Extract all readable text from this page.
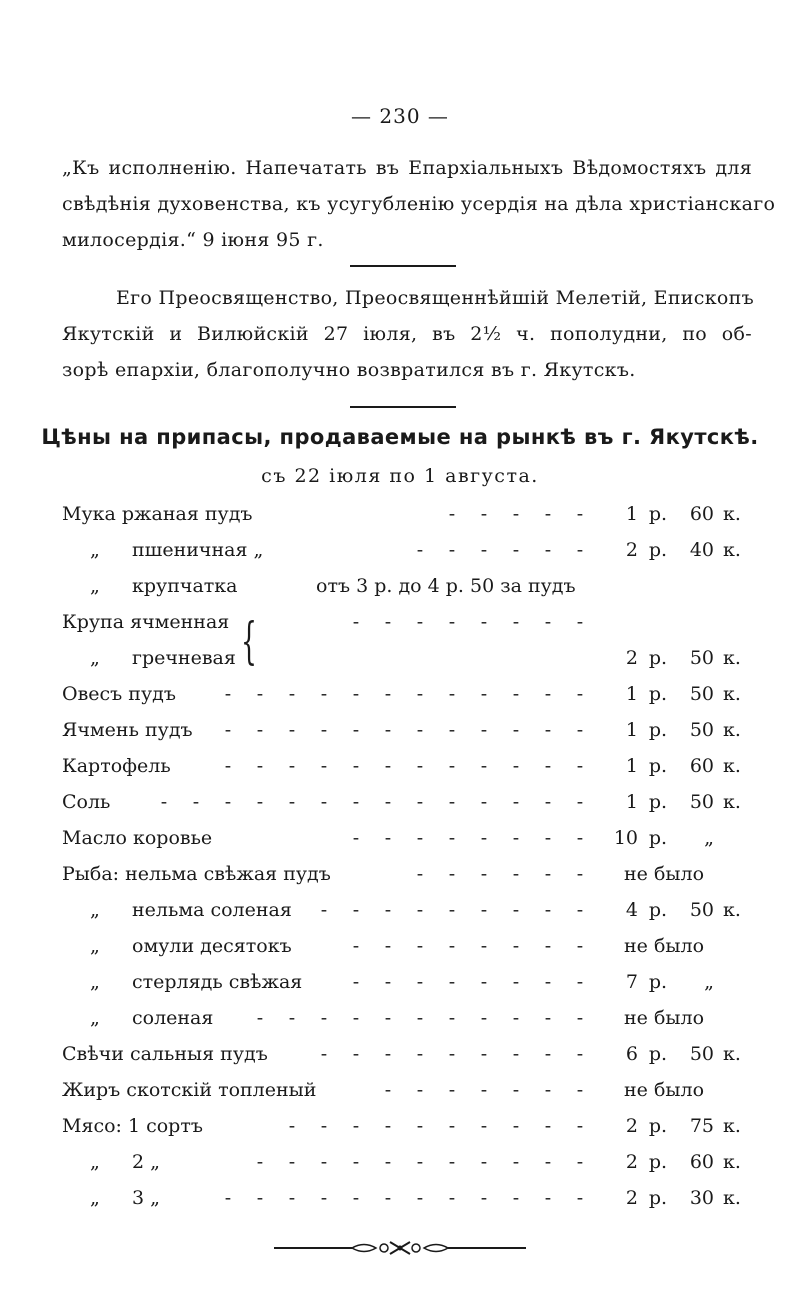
— 230 —
„Къ исполненію. Напечатать въ Епархіальныхъ Вѣдомостяхъ для
свѣдѣнія духовенства, къ усугубленію усердія на дѣла христіанскаго
милосердія.“ 9 іюня 95 г.
Его Преосвященство, Преосвященнѣйшій Мелетій, Епископъ
Якутскій и Вилюйскій 27 іюля, въ 2½ ч. пополудни, по об-
зорѣ епархіи, благополучно возвратился въ г. Якутскъ.
Цѣны на припасы, продаваемые на рынкѣ въ г. Якутскѣ.
съ 22 іюля по 1 августа.
Мука ржаная пудъ	- - - - -	1 р. 60 к.
„ пшеничная „	- - - - - -	2 р. 40 к.
„ крупчатка	отъ 3 р. до 4 р. 50 за пудъ
Крупа ячменная	- - - - - - - -
„ гречневая	2 р. 50 к.
Овесъ пудъ	- - - - - - - - - - - -	1 р. 50 к.
Ячмень пудъ	- - - - - - - - - - - -	1 р. 50 к.
Картофель	- - - - - - - - - - - -	1 р. 60 к.
Соль	- - - - - - - - - - - - - -	1 р. 50 к.
Масло коровье	- - - - - - - -	10 р. „
Рыба: нельма свѣжая пудъ	- - - - - -	не было
„ нельма соленая	- - - - - - - - -	4 р. 50 к.
„ омули десятокъ	- - - - - - - -	не было
„ стерлядь свѣжая	- - - - - - - -	7 р. „
„ соленая	- - - - - - - - - - -	не было
Свѣчи сальныя пудъ	- - - - - - - - -	6 р. 50 к.
Жиръ скотскій топленый	- - - - - - -	не было
Мясо: 1 сортъ	- - - - - - - - - -	2 р. 75 к.
„ 2 „	- - - - - - - - - - -	2 р. 60 к.
„ 3 „	- - - - - - - - - - - -	2 р. 30 к.
{
